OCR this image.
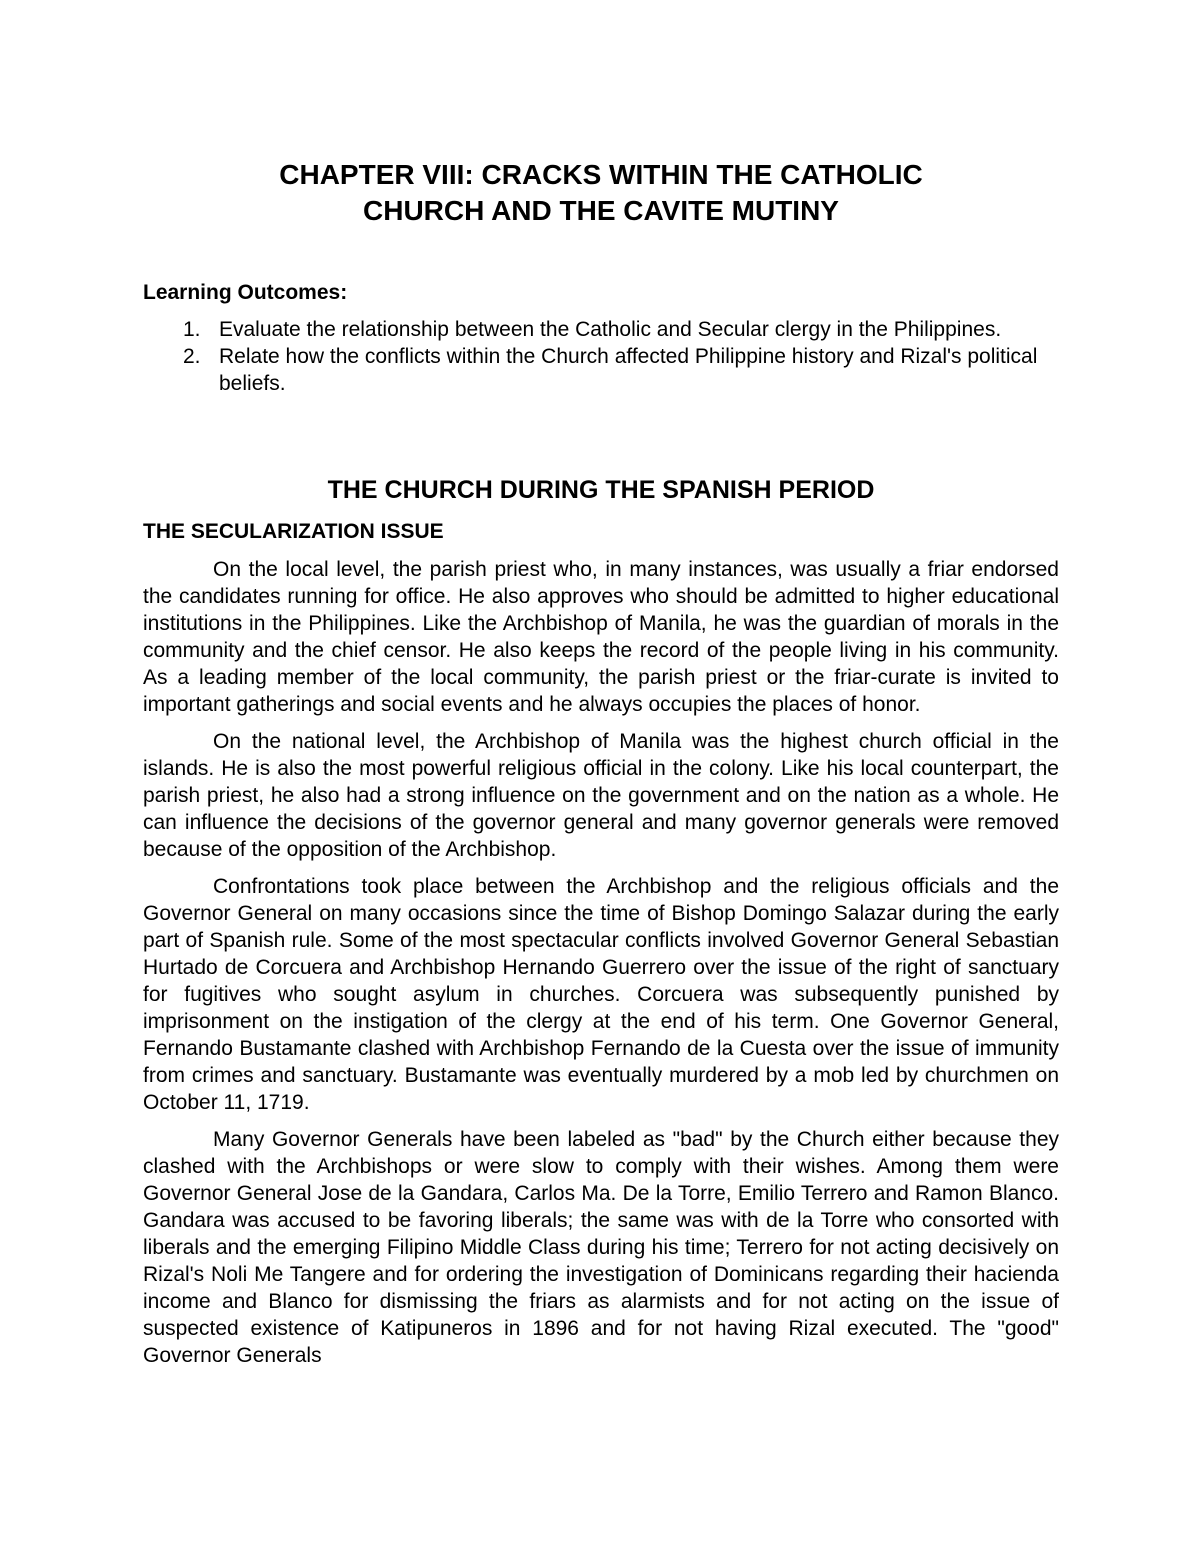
CHAPTER VIII: CRACKS WITHIN THE CATHOLIC
CHURCH AND THE CAVITE MUTINY
Learning Outcomes:
1. Evaluate the relationship between the Catholic and Secular clergy in the Philippines.
2. Relate how the conflicts within the Church affected Philippine history and Rizal's political beliefs.
THE CHURCH DURING THE SPANISH PERIOD
THE SECULARIZATION ISSUE

On the local level, the parish priest who, in many instances, was usually a friar endorsed the candidates running for office. He also approves who should be admitted to higher educational institutions in the Philippines. Like the Archbishop of Manila, he was the guardian of morals in the community and the chief censor. He also keeps the record of the people living in his community. As a leading member of the local community, the parish priest or the friar-curate is invited to important gatherings and social events and he always occupies the places of honor.

On the national level, the Archbishop of Manila was the highest church official in the islands. He is also the most powerful religious official in the colony. Like his local counterpart, the parish priest, he also had a strong influence on the government and on the nation as a whole. He can influence the decisions of the governor general and many governor generals were removed because of the opposition of the Archbishop.

Confrontations took place between the Archbishop and the religious officials and the Governor General on many occasions since the time of Bishop Domingo Salazar during the early part of Spanish rule. Some of the most spectacular conflicts involved Governor General Sebastian Hurtado de Corcuera and Archbishop Hernando Guerrero over the issue of the right of sanctuary for fugitives who sought asylum in churches. Corcuera was subsequently punished by imprisonment on the instigation of the clergy at the end of his term. One Governor General, Fernando Bustamante clashed with Archbishop Fernando de la Cuesta over the issue of immunity from crimes and sanctuary. Bustamante was eventually murdered by a mob led by churchmen on October 11, 1719.

Many Governor Generals have been labeled as "bad" by the Church either because they clashed with the Archbishops or were slow to comply with their wishes. Among them were Governor General Jose de la Gandara, Carlos Ma. De la Torre, Emilio Terrero and Ramon Blanco. Gandara was accused to be favoring liberals; the same was with de la Torre who consorted with liberals and the emerging Filipino Middle Class during his time; Terrero for not acting decisively on Rizal's Noli Me Tangere and for ordering the investigation of Dominicans regarding their hacienda income and Blanco for dismissing the friars as alarmists and for not acting on the issue of suspected existence of Katipuneros in 1896 and for not having Rizal executed. The "good" Governor Generals
